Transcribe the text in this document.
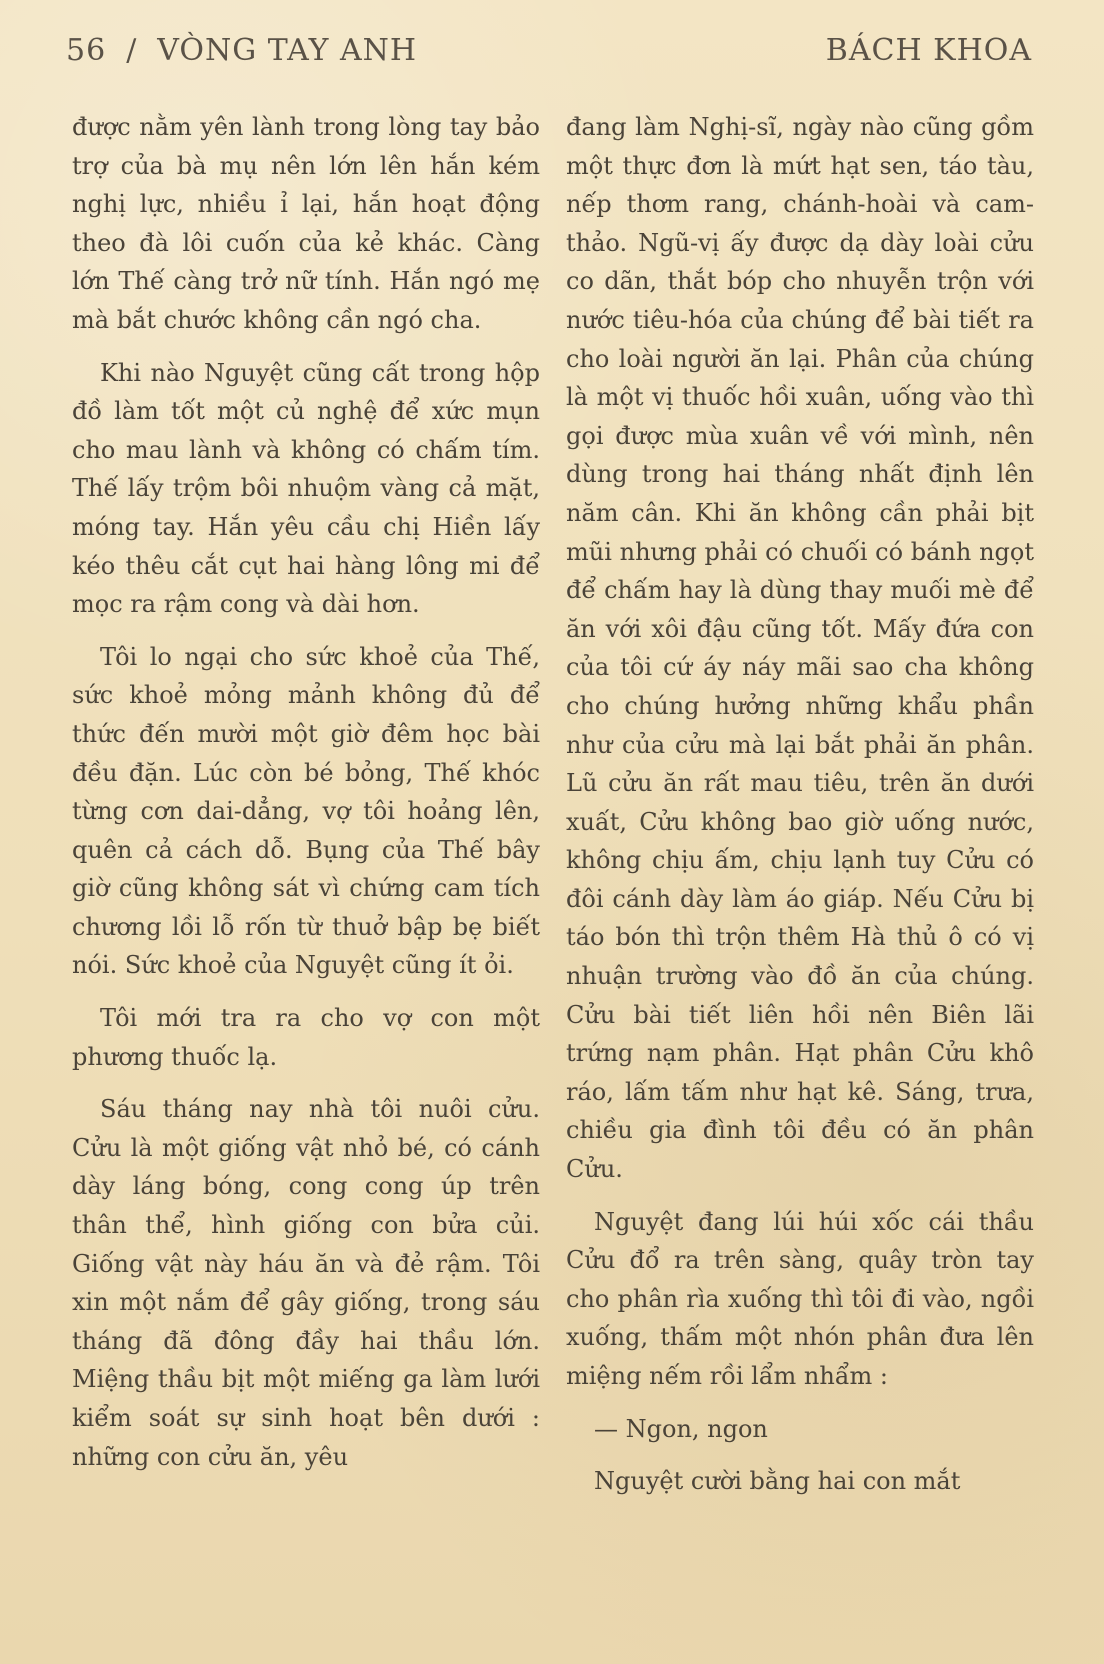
56 / VÒNG TAY ANH	BÁCH KHOA

được nằm yên lành trong lòng tay bảo trợ của bà mụ nên lớn lên hắn kém nghị lực, nhiều ỉ lại, hắn hoạt động theo đà lôi cuốn của kẻ khác. Càng lớn Thế càng trở nữ tính. Hắn ngó mẹ mà bắt chước không cần ngó cha.

Khi nào Nguyệt cũng cất trong hộp đồ làm tốt một củ nghệ để xức mụn cho mau lành và không có chấm tím. Thế lấy trộm bôi nhuộm vàng cả mặt, móng tay. Hắn yêu cầu chị Hiền lấy kéo thêu cắt cụt hai hàng lông mi để mọc ra rậm cong và dài hơn.

Tôi lo ngại cho sức khoẻ của Thế, sức khoẻ mỏng mảnh không đủ để thức đến mười một giờ đêm học bài đều đặn. Lúc còn bé bỏng, Thế khóc từng cơn dai-dẳng, vợ tôi hoảng lên, quên cả cách dỗ. Bụng của Thế bây giờ cũng không sát vì chứng cam tích chương lồi lỗ rốn từ thuở bập bẹ biết nói. Sức khoẻ của Nguyệt cũng ít ỏi.

Tôi mới tra ra cho vợ con một phương thuốc lạ.

Sáu tháng nay nhà tôi nuôi cửu. Cửu là một giống vật nhỏ bé, có cánh dày láng bóng, cong cong úp trên thân thể, hình giống con bửa củi. Giống vật này háu ăn và đẻ rậm. Tôi xin một nắm để gây giống, trong sáu tháng đã đông đầy hai thầu lớn. Miệng thầu bịt một miếng ga làm lưới kiểm soát sự sinh hoạt bên dưới : những con cửu ăn, yêu

đang làm Nghị-sĩ, ngày nào cũng gồm một thực đơn là mứt hạt sen, táo tàu, nếp thơm rang, chánh-hoài và cam-thảo. Ngũ-vị ấy được dạ dày loài cửu co dãn, thắt bóp cho nhuyễn trộn với nước tiêu-hóa của chúng để bài tiết ra cho loài người ăn lại. Phân của chúng là một vị thuốc hồi xuân, uống vào thì gọi được mùa xuân về với mình, nên dùng trong hai tháng nhất định lên năm cân. Khi ăn không cần phải bịt mũi nhưng phải có chuối có bánh ngọt để chấm hay là dùng thay muối mè để ăn với xôi đậu cũng tốt. Mấy đứa con của tôi cứ áy náy mãi sao cha không cho chúng hưởng những khẩu phần như của cửu mà lại bắt phải ăn phân. Lũ cửu ăn rất mau tiêu, trên ăn dưới xuất, Cửu không bao giờ uống nước, không chịu ấm, chịu lạnh tuy Cửu có đôi cánh dày làm áo giáp. Nếu Cửu bị táo bón thì trộn thêm Hà thủ ô có vị nhuận trường vào đồ ăn của chúng. Cửu bài tiết liên hồi nên Biên lãi trứng nạm phân. Hạt phân Cửu khô ráo, lấm tấm như hạt kê. Sáng, trưa, chiều gia đình tôi đều có ăn phân Cửu.

Nguyệt đang lúi húi xốc cái thầu Cửu đổ ra trên sàng, quây tròn tay cho phân rìa xuống thì tôi đi vào, ngồi xuống, thấm một nhón phân đưa lên miệng nếm rồi lẩm nhẩm :

— Ngon, ngon

Nguyệt cười bằng hai con mắt
